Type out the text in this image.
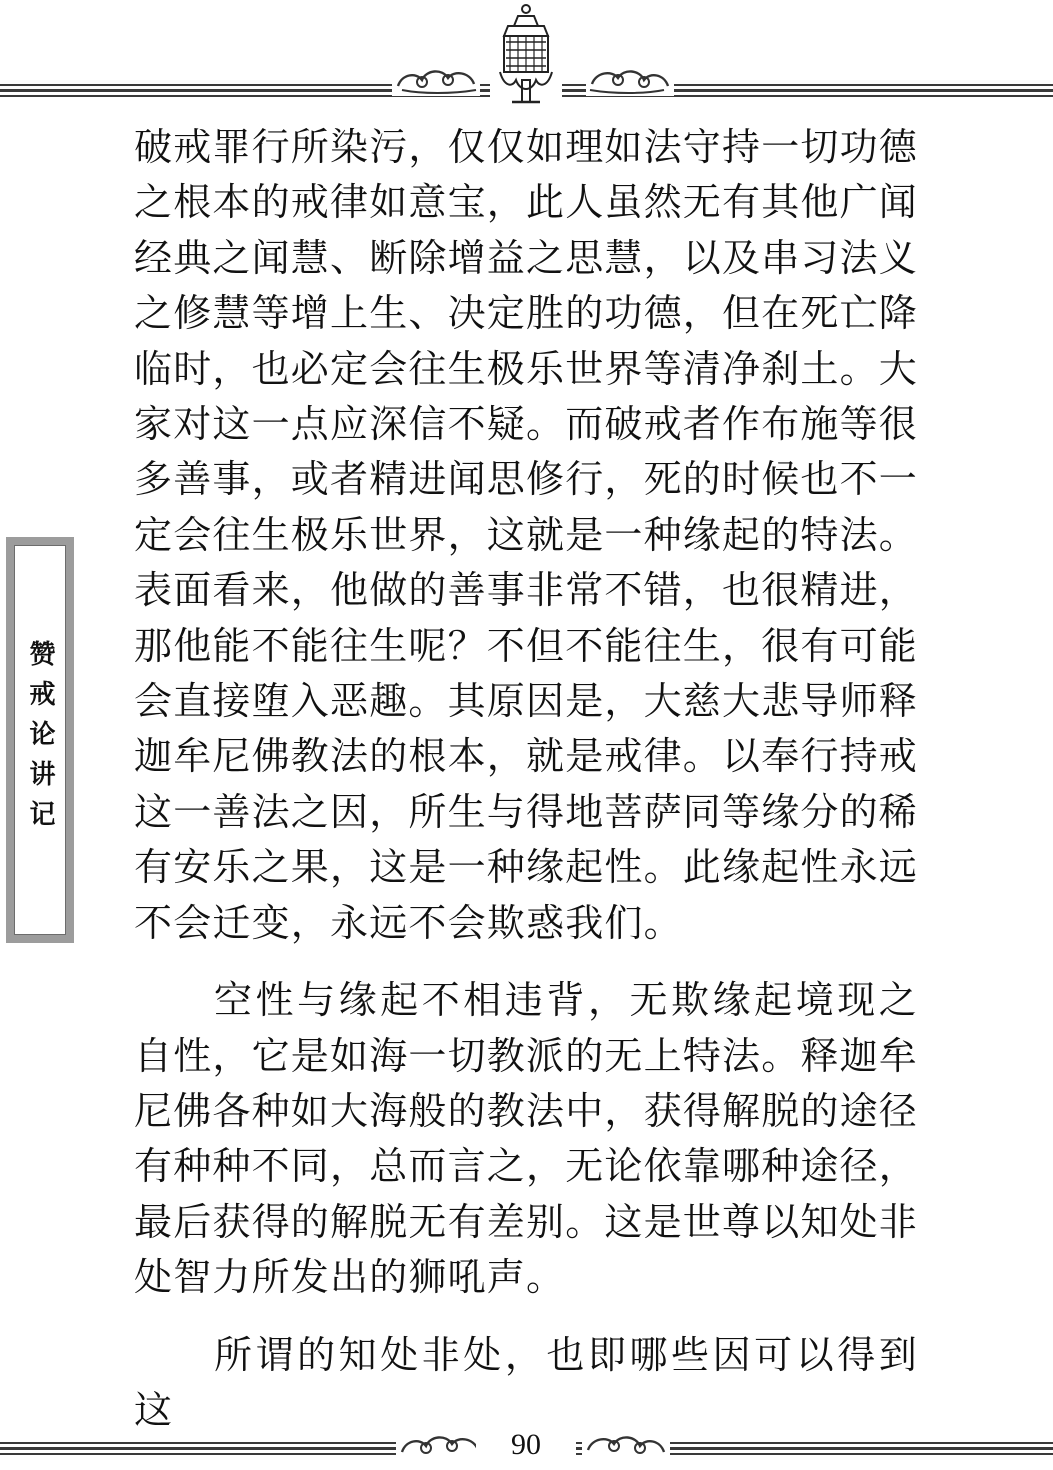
赞戒论讲记

破戒罪行所染污，仅仅如理如法守持一切功德之根本的戒律如意宝，此人虽然无有其他广闻经典之闻慧、断除增益之思慧，以及串习法义之修慧等增上生、决定胜的功德，但在死亡降临时，也必定会往生极乐世界等清净刹土。大家对这一点应深信不疑。而破戒者作布施等很多善事，或者精进闻思修行，死的时候也不一定会往生极乐世界，这就是一种缘起的特法。表面看来，他做的善事非常不错，也很精进，那他能不能往生呢？不但不能往生，很有可能会直接堕入恶趣。其原因是，大慈大悲导师释迦牟尼佛教法的根本，就是戒律。以奉行持戒这一善法之因，所生与得地菩萨同等缘分的稀有安乐之果，这是一种缘起性。此缘起性永远不会迁变，永远不会欺惑我们。

空性与缘起不相违背，无欺缘起境现之自性，它是如海一切教派的无上特法。释迦牟尼佛各种如大海般的教法中，获得解脱的途径有种种不同，总而言之，无论依靠哪种途径，最后获得的解脱无有差别。这是世尊以知处非处智力所发出的狮吼声。

所谓的知处非处，也即哪些因可以得到这

90
